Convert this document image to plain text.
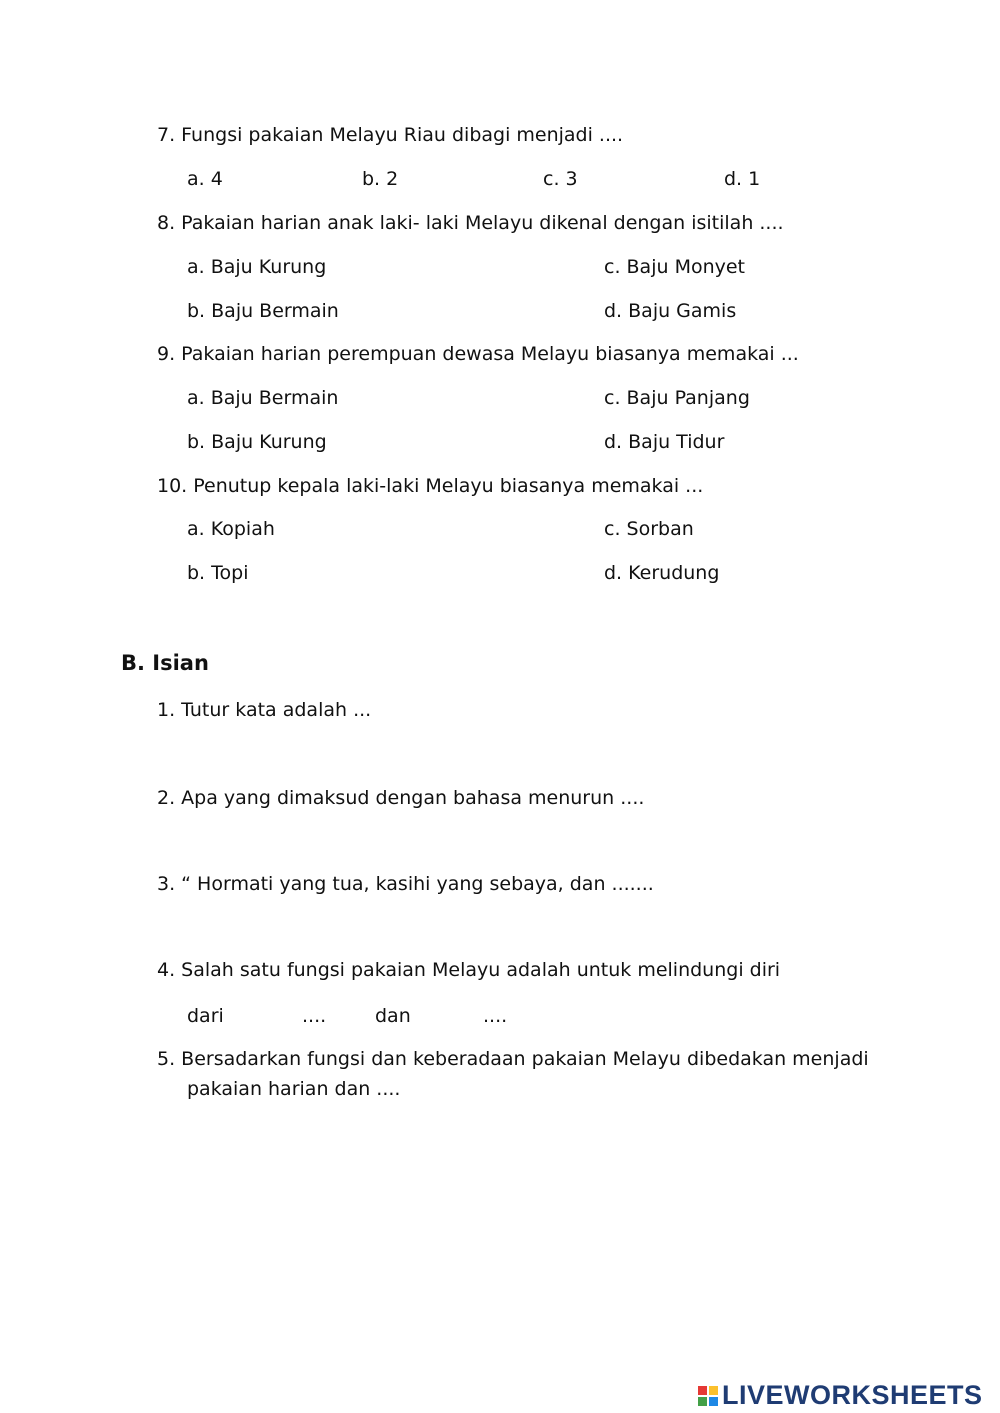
7. Fungsi pakaian Melayu Riau dibagi menjadi ....
a. 4	b. 2	c. 3	d. 1
8. Pakaian harian anak laki- laki Melayu dikenal dengan isitilah ....
a. Baju Kurung	c. Baju Monyet
b. Baju Bermain	d. Baju Gamis
9. Pakaian harian perempuan dewasa Melayu biasanya memakai ...
a. Baju Bermain	c. Baju Panjang
b. Baju Kurung	d. Baju Tidur
10. Penutup kepala laki-laki Melayu biasanya memakai ...
a. Kopiah	c. Sorban
b. Topi	d. Kerudung
B. Isian
1. Tutur kata adalah ...
2. Apa yang dimaksud dengan bahasa menurun ....
3. “ Hormati yang tua, kasihi yang sebaya, dan .......
4. Salah satu fungsi pakaian Melayu adalah untuk melindungi diri
dari	....	dan	....
5. Bersadarkan fungsi dan keberadaan pakaian Melayu dibedakan menjadi
pakaian harian dan ....
LIVEWORKSHEETS
